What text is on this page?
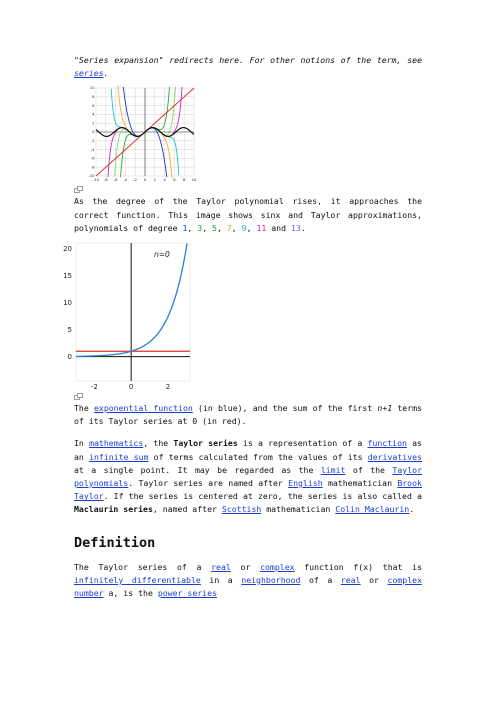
"Series expansion" redirects here. For other notions of the term, see series.

10
8
6
4
2
0
-2
-4
-6
-8
-10
-10 -8 -6 -4 -2 0 2 4 6 8 10

As the degree of the Taylor polynomial rises, it approaches the correct function. This image shows sinx and Taylor approximations, polynomials of degree 1, 3, 5, 7, 9, 11 and 13.

20
15
10
5
0
-2	0	2
n=0

The exponential function (in blue), and the sum of the first n+1 terms of its Taylor series at 0 (in red).

In mathematics, the Taylor series is a representation of a function as an infinite sum of terms calculated from the values of its derivatives at a single point. It may be regarded as the limit of the Taylor polynomials. Taylor series are named after English mathematician Brook Taylor. If the series is centered at zero, the series is also called a Maclaurin series, named after Scottish mathematician Colin Maclaurin.

Definition

The Taylor series of a real or complex function f(x) that is infinitely differentiable in a neighborhood of a real or complex number a, is the power series
